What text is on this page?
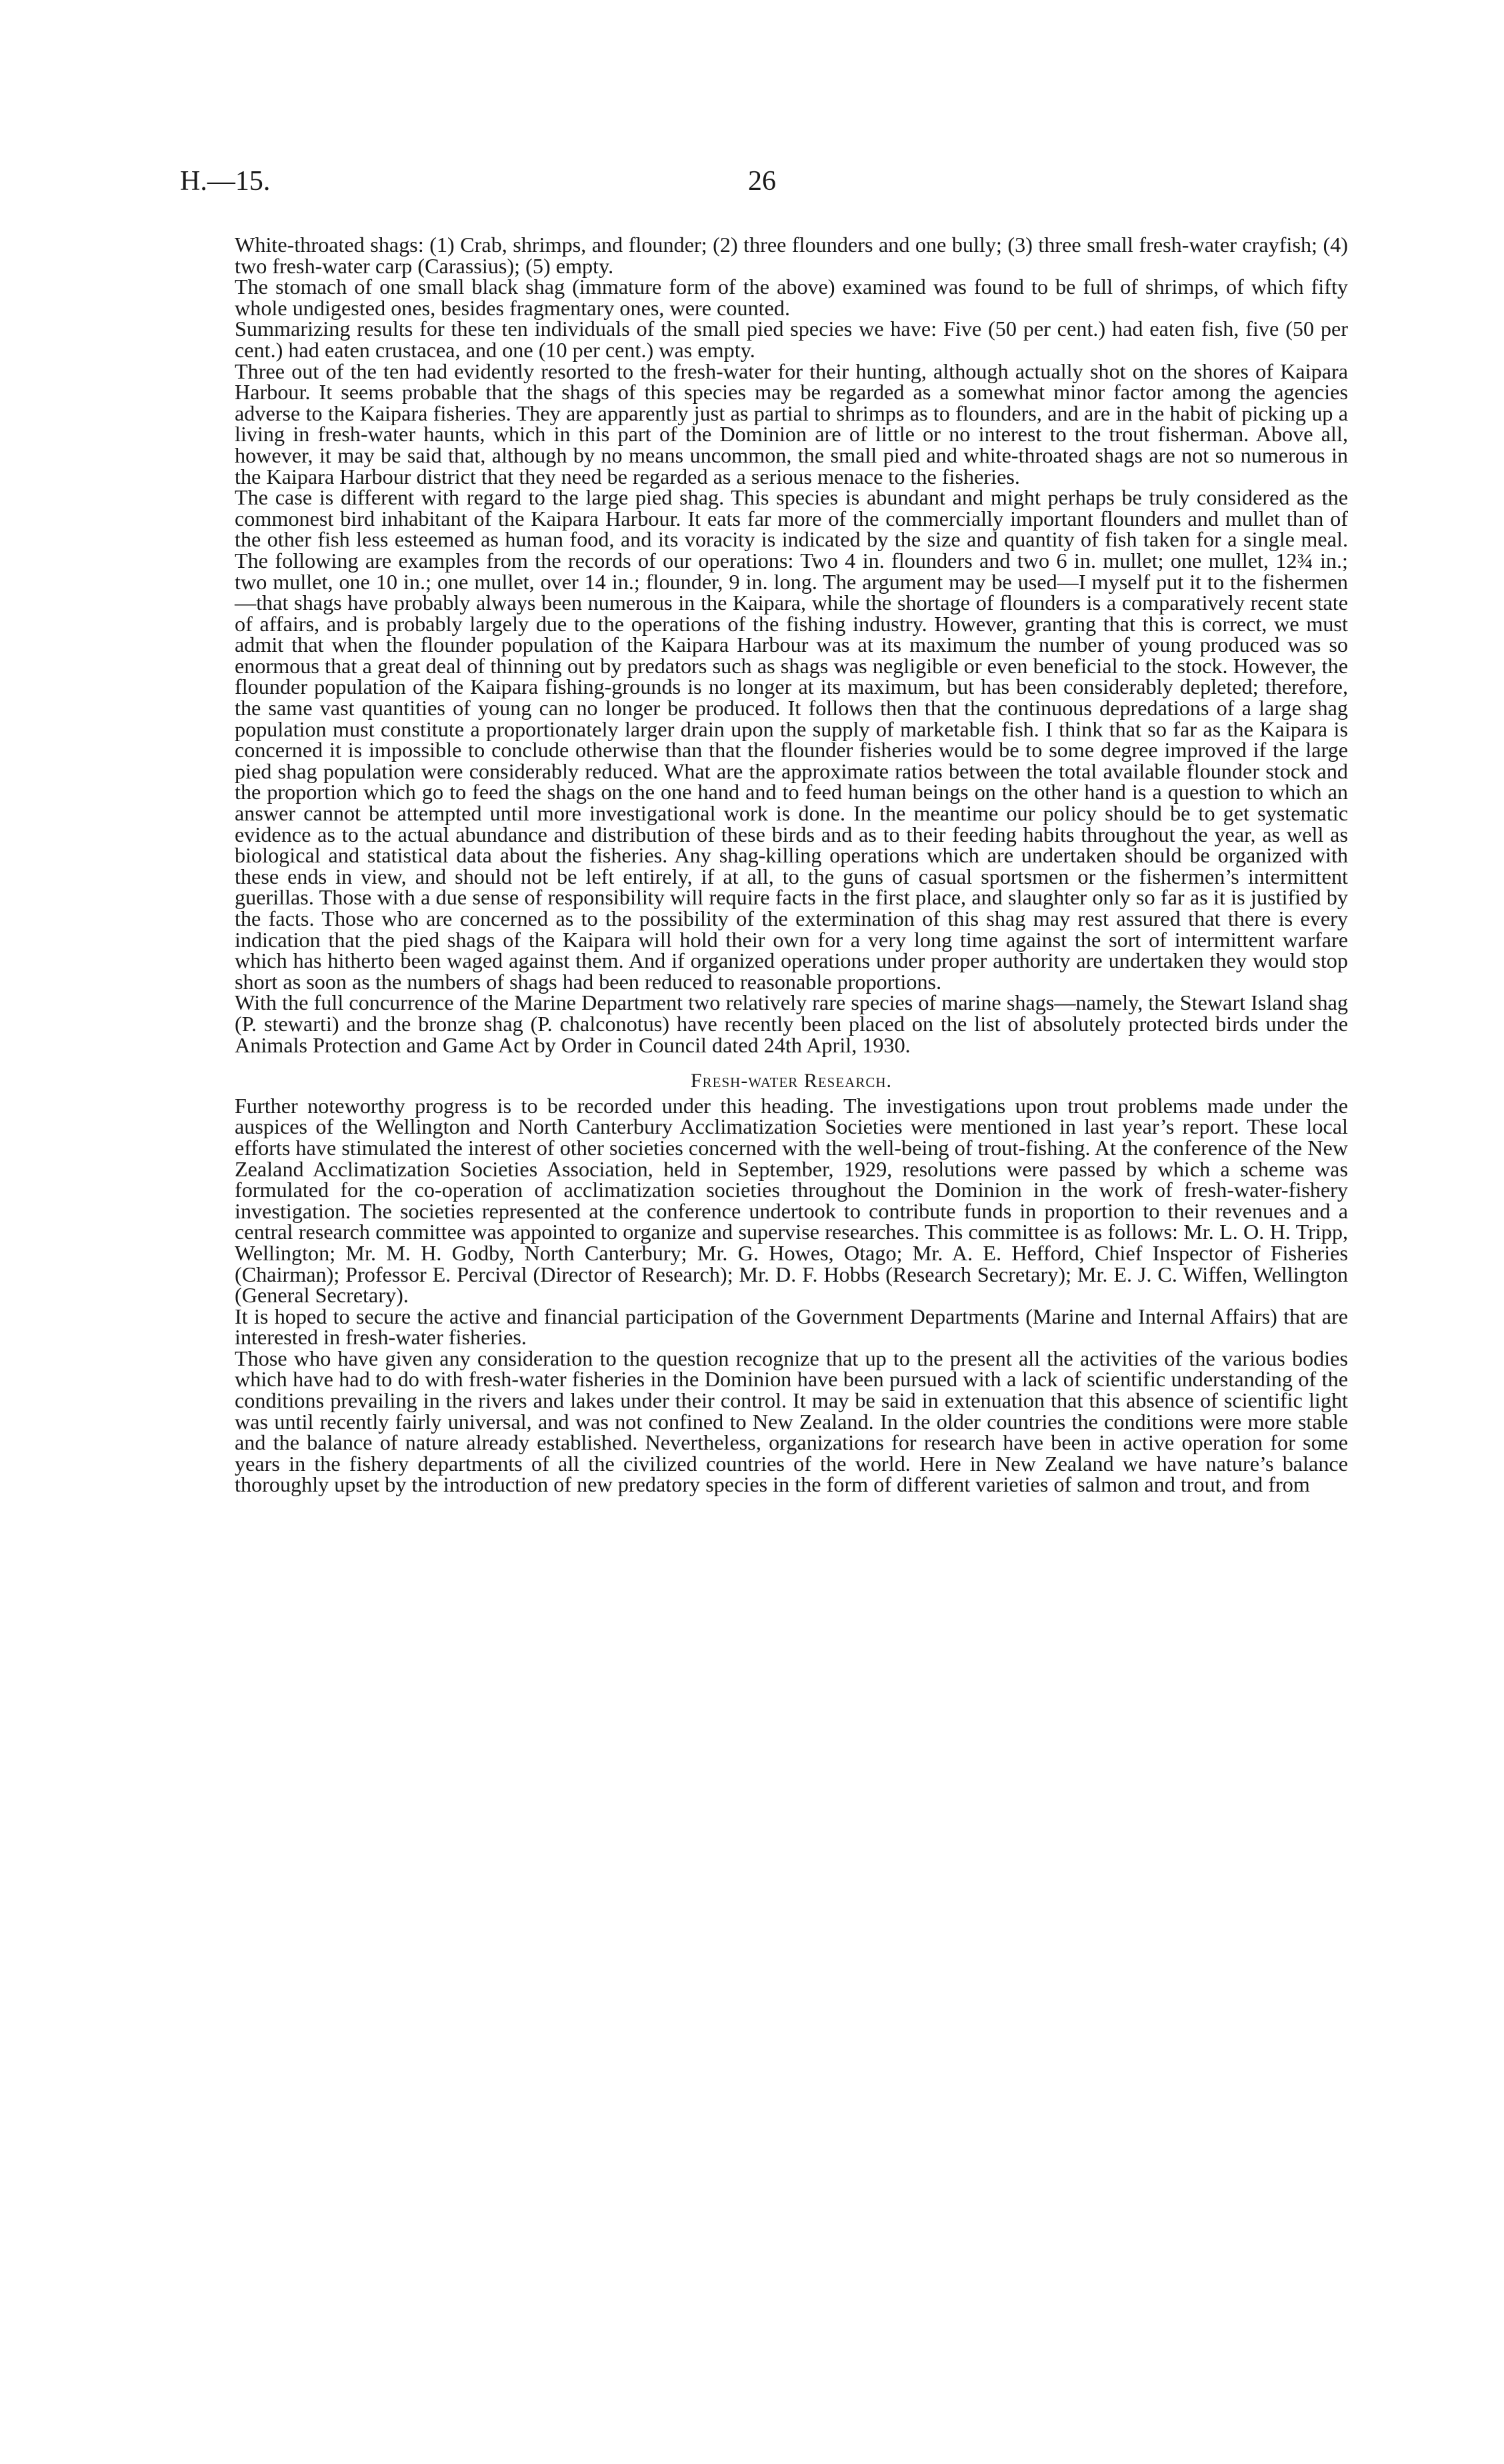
H.—15.	26

White-throated shags: (1) Crab, shrimps, and flounder; (2) three flounders and one bully; (3) three small fresh-water crayfish; (4) two fresh-water carp (Carassius); (5) empty.

The stomach of one small black shag (immature form of the above) examined was found to be full of shrimps, of which fifty whole undigested ones, besides fragmentary ones, were counted.

Summarizing results for these ten individuals of the small pied species we have: Five (50 per cent.) had eaten fish, five (50 per cent.) had eaten crustacea, and one (10 per cent.) was empty.

Three out of the ten had evidently resorted to the fresh-water for their hunting, although actually shot on the shores of Kaipara Harbour. It seems probable that the shags of this species may be regarded as a somewhat minor factor among the agencies adverse to the Kaipara fisheries. They are apparently just as partial to shrimps as to flounders, and are in the habit of picking up a living in fresh-water haunts, which in this part of the Dominion are of little or no interest to the trout fisherman. Above all, however, it may be said that, although by no means uncommon, the small pied and white-throated shags are not so numerous in the Kaipara Harbour district that they need be regarded as a serious menace to the fisheries.

The case is different with regard to the large pied shag. This species is abundant and might perhaps be truly considered as the commonest bird inhabitant of the Kaipara Harbour. It eats far more of the commercially important flounders and mullet than of the other fish less esteemed as human food, and its voracity is indicated by the size and quantity of fish taken for a single meal. The following are examples from the records of our operations: Two 4 in. flounders and two 6 in. mullet; one mullet, 12¾ in.; two mullet, one 10 in.; one mullet, over 14 in.; flounder, 9 in. long. The argument may be used—I myself put it to the fishermen—that shags have probably always been numerous in the Kaipara, while the shortage of flounders is a comparatively recent state of affairs, and is probably largely due to the operations of the fishing industry. However, granting that this is correct, we must admit that when the flounder population of the Kaipara Harbour was at its maximum the number of young produced was so enormous that a great deal of thinning out by predators such as shags was negligible or even beneficial to the stock. However, the flounder population of the Kaipara fishing-grounds is no longer at its maximum, but has been considerably depleted; therefore, the same vast quantities of young can no longer be produced. It follows then that the continuous depredations of a large shag population must constitute a proportionately larger drain upon the supply of marketable fish. I think that so far as the Kaipara is concerned it is impossible to conclude otherwise than that the flounder fisheries would be to some degree improved if the large pied shag population were considerably reduced. What are the approximate ratios between the total available flounder stock and the proportion which go to feed the shags on the one hand and to feed human beings on the other hand is a question to which an answer cannot be attempted until more investigational work is done. In the meantime our policy should be to get systematic evidence as to the actual abundance and distribution of these birds and as to their feeding habits throughout the year, as well as biological and statistical data about the fisheries. Any shag-killing operations which are undertaken should be organized with these ends in view, and should not be left entirely, if at all, to the guns of casual sportsmen or the fishermen’s intermittent guerillas. Those with a due sense of responsibility will require facts in the first place, and slaughter only so far as it is justified by the facts. Those who are concerned as to the possibility of the extermination of this shag may rest assured that there is every indication that the pied shags of the Kaipara will hold their own for a very long time against the sort of intermittent warfare which has hitherto been waged against them. And if organized operations under proper authority are undertaken they would stop short as soon as the numbers of shags had been reduced to reasonable proportions.

With the full concurrence of the Marine Department two relatively rare species of marine shags—namely, the Stewart Island shag (P. stewarti) and the bronze shag (P. chalconotus) have recently been placed on the list of absolutely protected birds under the Animals Protection and Game Act by Order in Council dated 24th April, 1930.

Fresh-water Research.

Further noteworthy progress is to be recorded under this heading. The investigations upon trout problems made under the auspices of the Wellington and North Canterbury Acclimatization Societies were mentioned in last year’s report. These local efforts have stimulated the interest of other societies concerned with the well-being of trout-fishing. At the conference of the New Zealand Acclimatization Societies Association, held in September, 1929, resolutions were passed by which a scheme was formulated for the co-operation of acclimatization societies throughout the Dominion in the work of fresh-water-fishery investigation. The societies represented at the conference undertook to contribute funds in proportion to their revenues and a central research committee was appointed to organize and supervise researches. This committee is as follows: Mr. L. O. H. Tripp, Wellington; Mr. M. H. Godby, North Canterbury; Mr. G. Howes, Otago; Mr. A. E. Hefford, Chief Inspector of Fisheries (Chairman); Professor E. Percival (Director of Research); Mr. D. F. Hobbs (Research Secretary); Mr. E. J. C. Wiffen, Wellington (General Secretary).

It is hoped to secure the active and financial participation of the Government Departments (Marine and Internal Affairs) that are interested in fresh-water fisheries.

Those who have given any consideration to the question recognize that up to the present all the activities of the various bodies which have had to do with fresh-water fisheries in the Dominion have been pursued with a lack of scientific understanding of the conditions prevailing in the rivers and lakes under their control. It may be said in extenuation that this absence of scientific light was until recently fairly universal, and was not confined to New Zealand. In the older countries the conditions were more stable and the balance of nature already established. Nevertheless, organizations for research have been in active operation for some years in the fishery departments of all the civilized countries of the world. Here in New Zealand we have nature’s balance thoroughly upset by the introduction of new predatory species in the form of different varieties of salmon and trout, and from
